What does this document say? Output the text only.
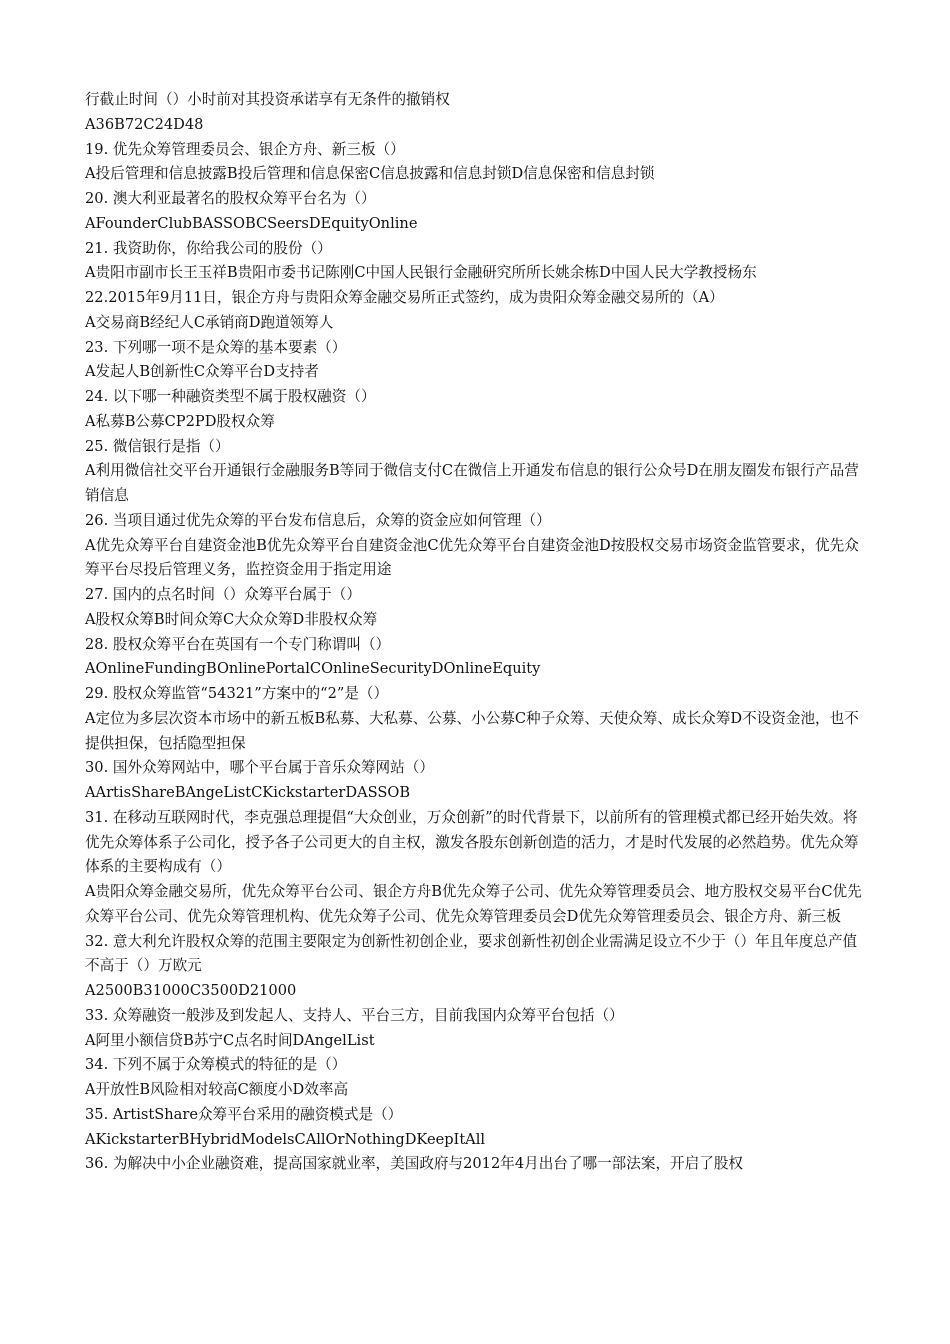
行截止时间（）小时前对其投资承诺享有无条件的撤销权

A36B72C24D48

19. 优先众筹管理委员会、银企方舟、新三板（）

A投后管理和信息披露B投后管理和信息保密C信息披露和信息封锁D信息保密和信息封锁

20. 澳大利亚最著名的股权众筹平台名为（）

AFounderClubBASSOBCSeersDEquityOnline

21. 我资助你，你给我公司的股份（）

A贵阳市副市长王玉祥B贵阳市委书记陈刚C中国人民银行金融研究所所长姚余栋D中国人民大学教授杨东

22.2015年9月11日，银企方舟与贵阳众筹金融交易所正式签约，成为贵阳众筹金融交易所的（A）

A交易商B经纪人C承销商D跑道领筹人

23. 下列哪一项不是众筹的基本要素（）

A发起人B创新性C众筹平台D支持者

24. 以下哪一种融资类型不属于股权融资（）

A私募B公募CP2PD股权众筹

25. 微信银行是指（）

A利用微信社交平台开通银行金融服务B等同于微信支付C在微信上开通发布信息的银行公众号D在朋友圈发布银行产品营销信息

26. 当项目通过优先众筹的平台发布信息后，众筹的资金应如何管理（）

A优先众筹平台自建资金池B优先众筹平台自建资金池C优先众筹平台自建资金池D按股权交易市场资金监管要求，优先众筹平台尽投后管理义务，监控资金用于指定用途

27. 国内的点名时间（）众筹平台属于（）

A股权众筹B时间众筹C大众众筹D非股权众筹

28. 股权众筹平台在英国有一个专门称谓叫（）

AOnlineFundingBOnlinePortalCOnlineSecurityDOnlineEquity

29. 股权众筹监管“54321”方案中的“2”是（）

A定位为多层次资本市场中的新五板B私募、大私募、公募、小公募C种子众筹、天使众筹、成长众筹D不设资金池，也不提供担保，包括隐型担保

30. 国外众筹网站中，哪个平台属于音乐众筹网站（）

AArtisShareBAngeListCKickstarterDASSOB

31. 在移动互联网时代，李克强总理提倡“大众创业，万众创新”的时代背景下，以前所有的管理模式都已经开始失效。将优先众筹体系子公司化，授予各子公司更大的自主权，激发各股东创新创造的活力，才是时代发展的必然趋势。优先众筹体系的主要构成有（）

A贵阳众筹金融交易所，优先众筹平台公司、银企方舟B优先众筹子公司、优先众筹管理委员会、地方股权交易平台C优先众筹平台公司、优先众筹管理机构、优先众筹子公司、优先众筹管理委员会D优先众筹管理委员会、银企方舟、新三板

32. 意大利允许股权众筹的范围主要限定为创新性初创企业，要求创新性初创企业需满足设立不少于（）年且年度总产值不高于（）万欧元

A2500B31000C3500D21000

33. 众筹融资一般涉及到发起人、支持人、平台三方，目前我国内众筹平台包括（）

A阿里小额信贷B苏宁C点名时间DAngelList

34. 下列不属于众筹模式的特征的是（）

A开放性B风险相对较高C额度小D效率高

35. ArtistShare众筹平台采用的融资模式是（）

AKickstarterBHybridModelsCAllOrNothingDKeepItAll

36. 为解决中小企业融资难，提高国家就业率，美国政府与2012年4月出台了哪一部法案，开启了股权
